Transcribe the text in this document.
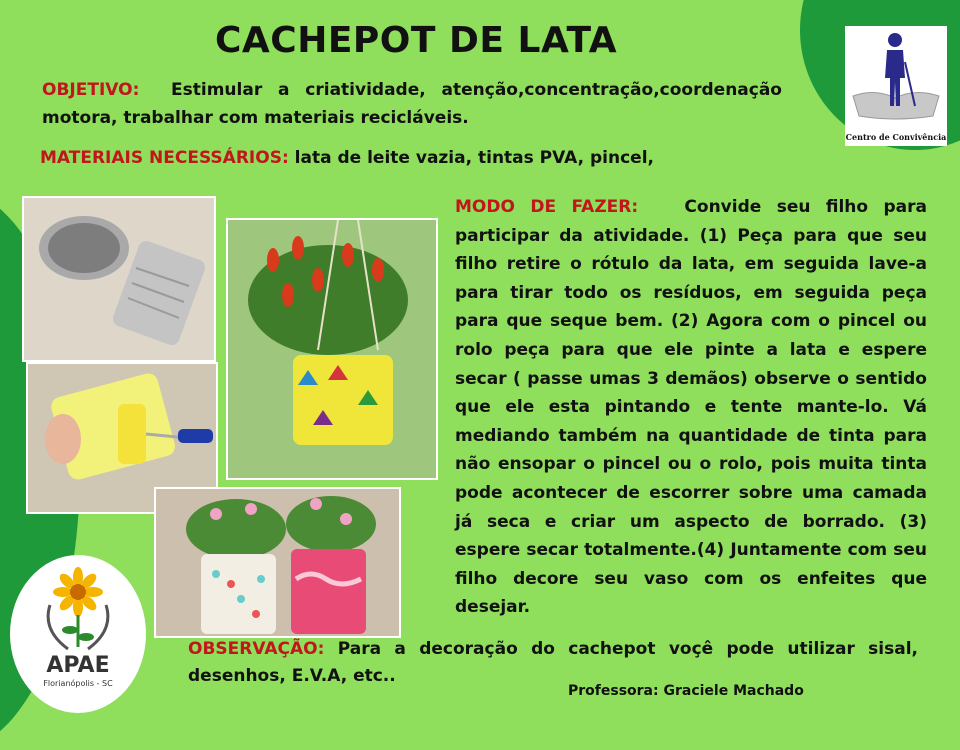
Centro de Convivência
CACHEPOT DE LATA
OBJETIVO: Estimular a criatividade, atenção,concentração,coordenação motora, trabalhar com materiais recicláveis.
MATERIAIS NECESSÁRIOS: lata de leite vazia, tintas PVA, pincel,
MODO DE FAZER:	Convide seu filho para participar da atividade. (1) Peça para que seu filho retire o rótulo da lata, em seguida lave-a para tirar todo os resíduos, em seguida peça para que seque bem. (2) Agora com o pincel ou rolo peça para que ele pinte a lata e espere secar ( passe umas 3 demãos) observe o sentido que ele esta pintando e tente mante-lo. Vá mediando também na quantidade de tinta para não ensopar o pincel ou o rolo, pois muita tinta pode acontecer de escorrer sobre uma camada já seca e criar um aspecto de borrado. (3) espere secar totalmente.(4) Juntamente com seu filho decore seu vaso com os enfeites que desejar.
APAE
Florianópolis - SC
OBSERVAÇÃO: Para a decoração do cachepot voçê pode utilizar sisal, desenhos, E.V.A, etc..
Professora: Graciele Machado
